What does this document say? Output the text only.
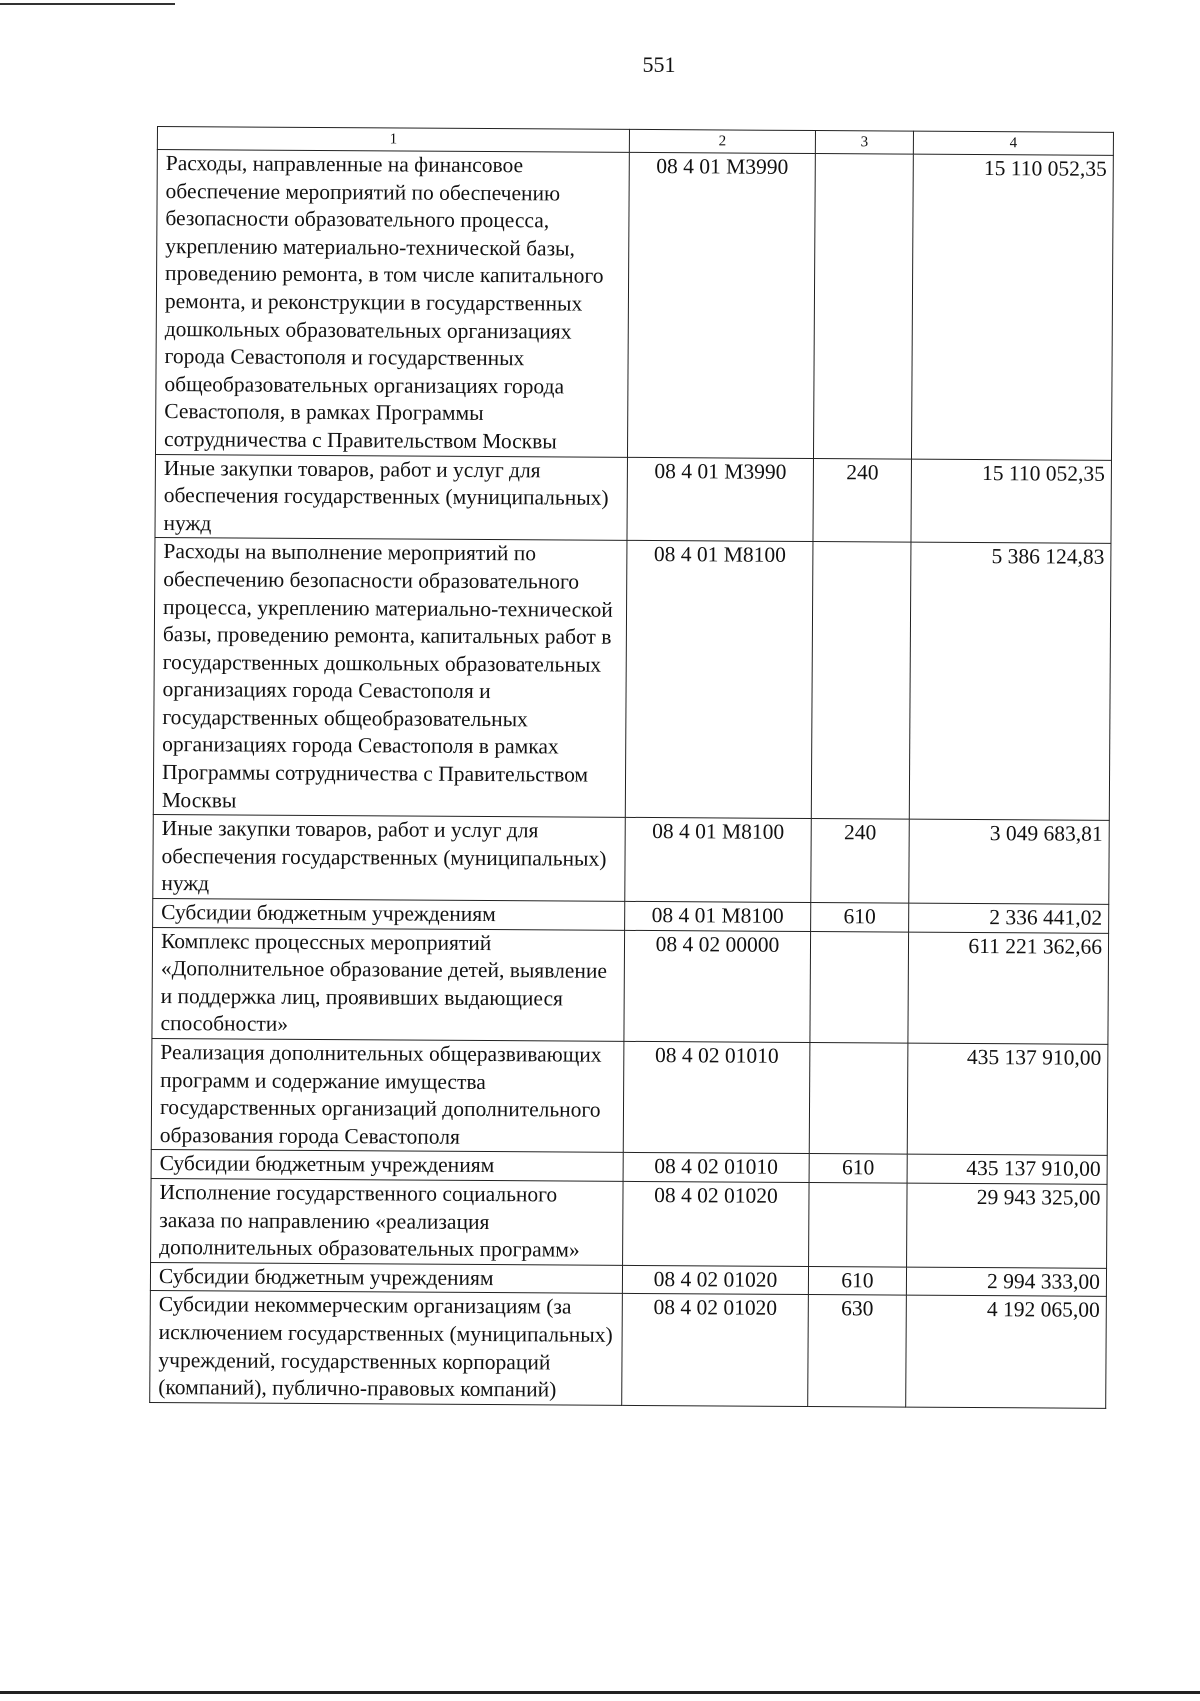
551
1	2	3	4
Расходы, направленные на финансовое обеспечение мероприятий по обеспечению безопасности образовательного процесса, укреплению материально-технической базы, проведению ремонта, в том числе капитального ремонта, и реконструкции в государственных дошкольных образовательных организациях города Севастополя и государственных общеобразовательных организациях города Севастополя, в рамках Программы сотрудничества с Правительством Москвы	08 4 01 M3990		15 110 052,35
Иные закупки товаров, работ и услуг для обеспечения государственных (муниципальных) нужд	08 4 01 M3990	240	15 110 052,35
Расходы на выполнение мероприятий по обеспечению безопасности образовательного процесса, укреплению материально-технической базы, проведению ремонта, капитальных работ в государственных дошкольных образовательных организациях города Севастополя и государственных общеобразовательных организациях города Севастополя в рамках Программы сотрудничества с Правительством Москвы	08 4 01 M8100		5 386 124,83
Иные закупки товаров, работ и услуг для обеспечения государственных (муниципальных) нужд	08 4 01 M8100	240	3 049 683,81
Субсидии бюджетным учреждениям	08 4 01 M8100	610	2 336 441,02
Комплекс процессных мероприятий «Дополнительное образование детей, выявление и поддержка лиц, проявивших выдающиеся способности»	08 4 02 00000		611 221 362,66
Реализация дополнительных общеразвивающих программ и содержание имущества государственных организаций дополнительного образования города Севастополя	08 4 02 01010		435 137 910,00
Субсидии бюджетным учреждениям	08 4 02 01010	610	435 137 910,00
Исполнение государственного социального заказа по направлению «реализация дополнительных образовательных программ»	08 4 02 01020		29 943 325,00
Субсидии бюджетным учреждениям	08 4 02 01020	610	2 994 333,00
Субсидии некоммерческим организациям (за исключением государственных (муниципальных) учреждений, государственных корпораций (компаний), публично-правовых компаний)	08 4 02 01020	630	4 192 065,00
